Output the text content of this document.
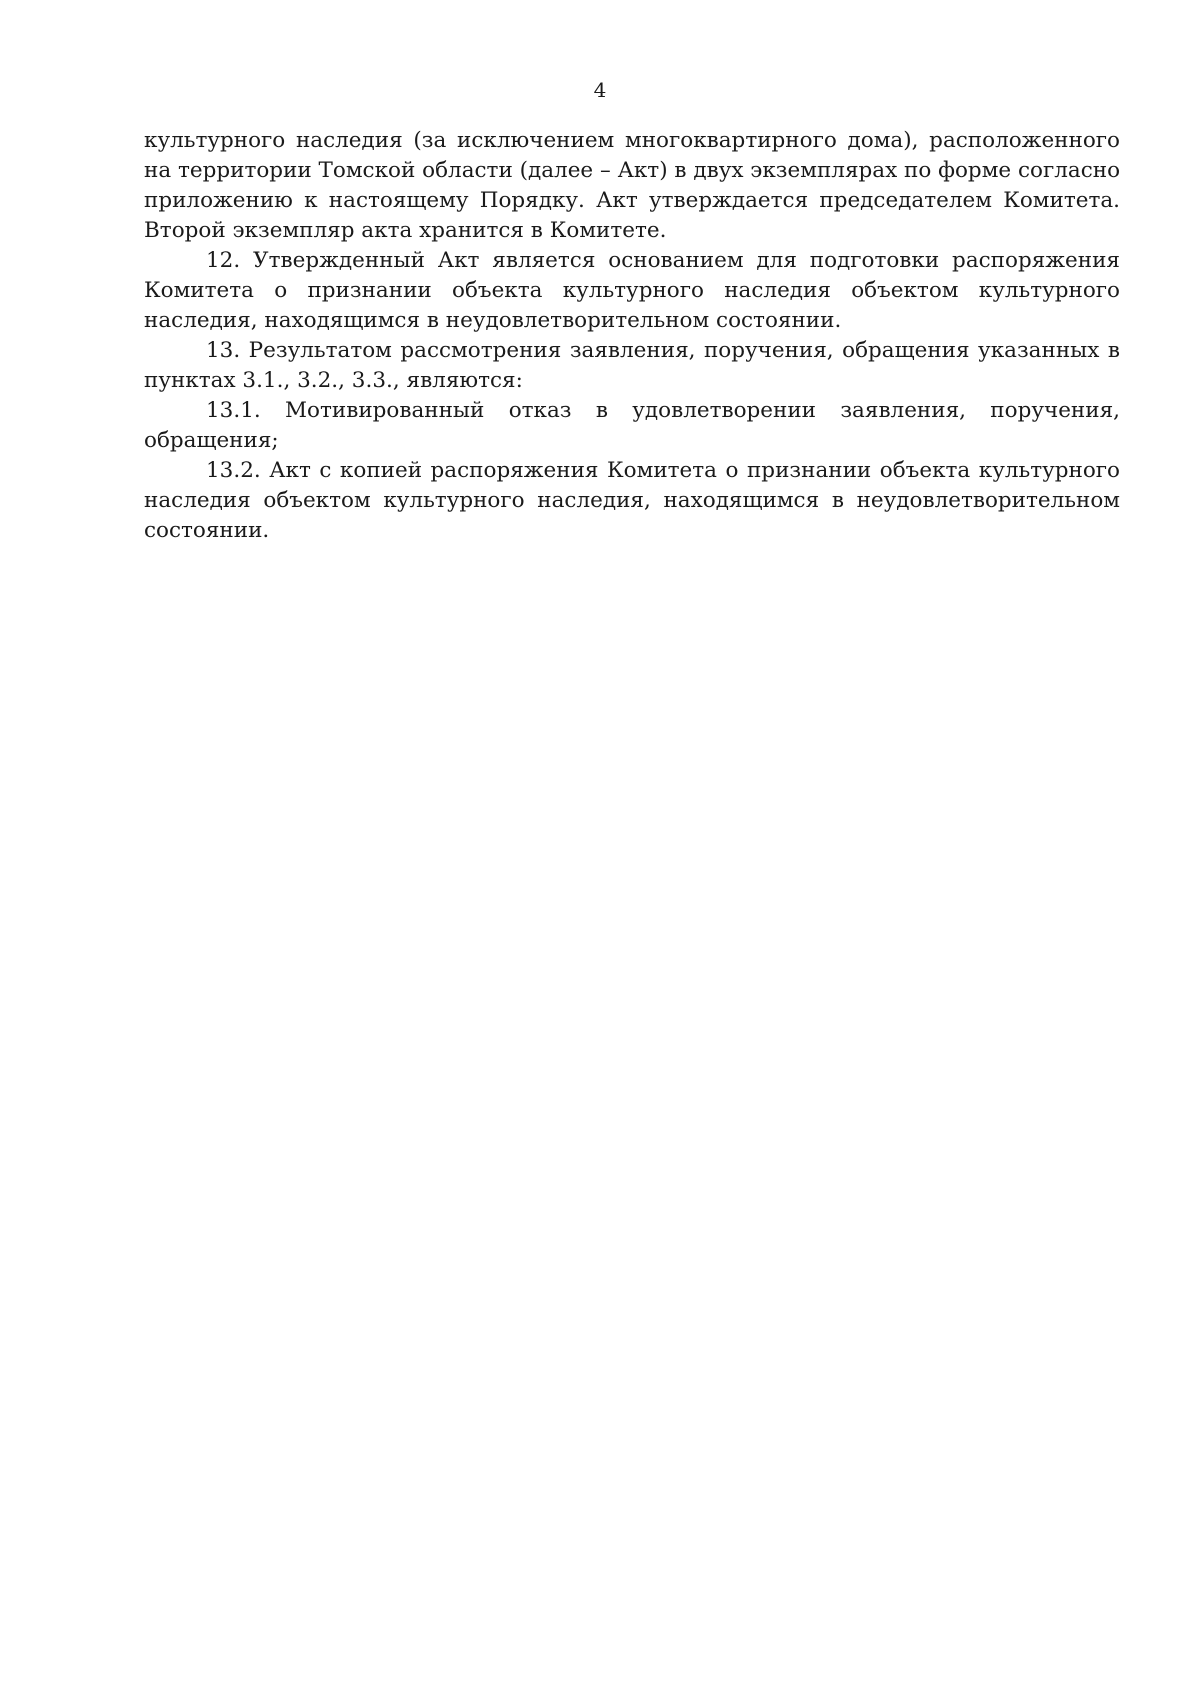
4

культурного наследия (за исключением многоквартирного дома), расположенного на территории Томской области (далее – Акт) в двух экземплярах по форме согласно приложению к настоящему Порядку. Акт утверждается председателем Комитета. Второй экземпляр акта хранится в Комитете.

12. Утвержденный Акт является основанием для подготовки распоряжения Комитета о признании объекта культурного наследия объектом культурного наследия, находящимся в неудовлетворительном состоянии.

13. Результатом рассмотрения заявления, поручения, обращения указанных в пунктах 3.1., 3.2., 3.3., являются:

13.1. Мотивированный отказ в удовлетворении заявления, поручения, обращения;

13.2. Акт с копией распоряжения Комитета о признании объекта культурного наследия объектом культурного наследия, находящимся в неудовлетворительном состоянии.
